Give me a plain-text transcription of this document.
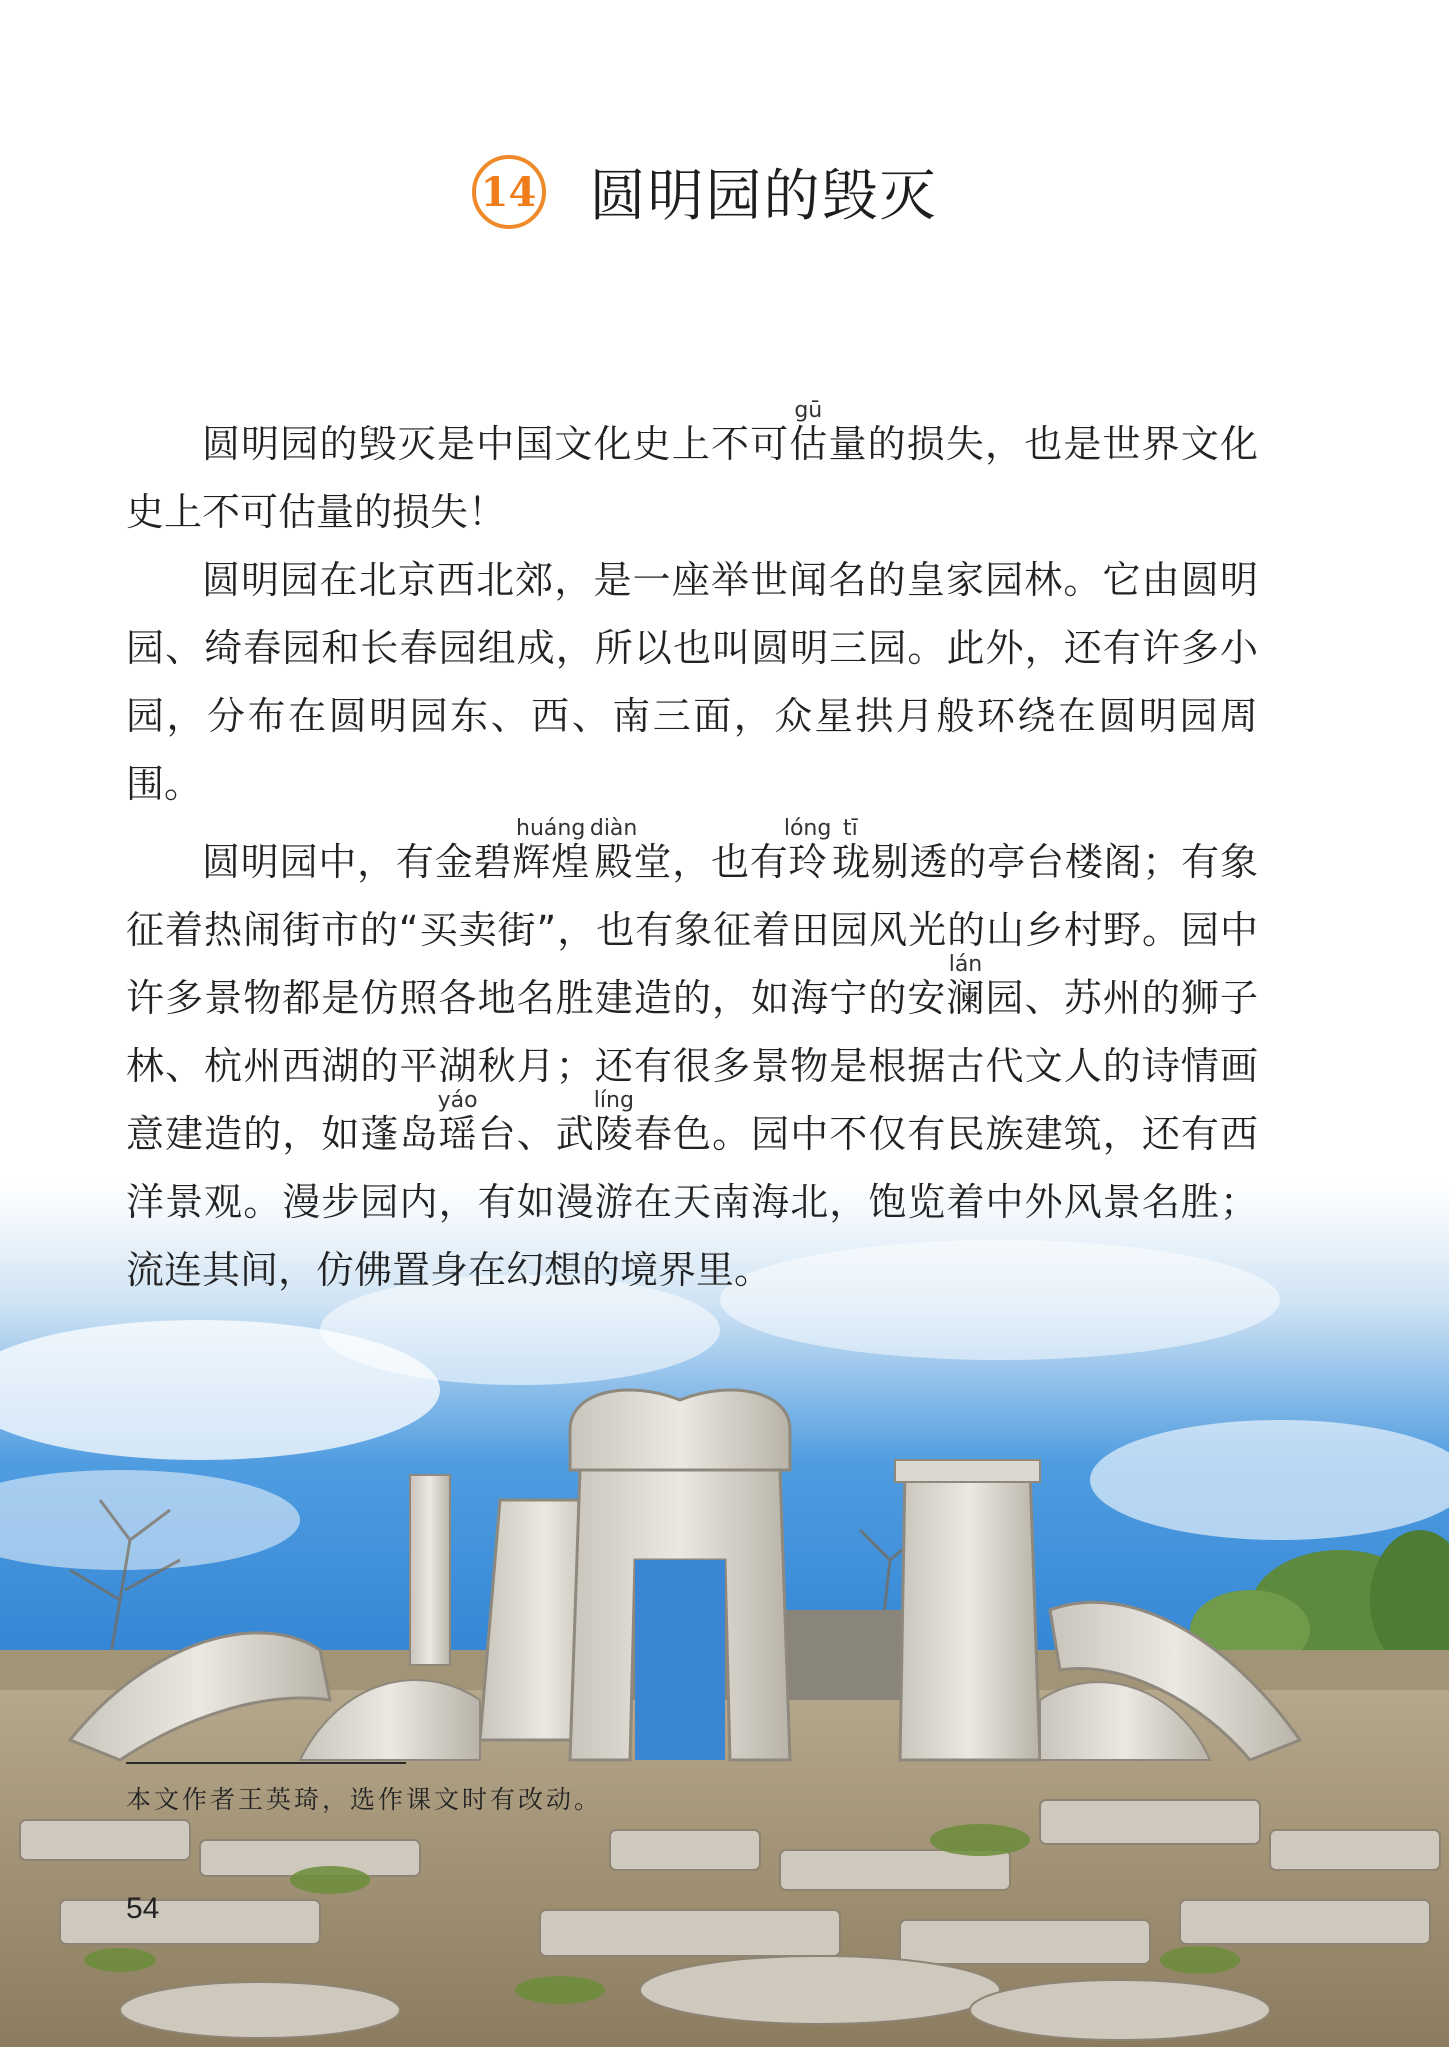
14 圆明园的毁灭

圆明园的毁灭是中国文化史上不可估gū量的损失，也是世界文化史上不可估量的损失！

圆明园在北京西北郊，是一座举世闻名的皇家园林。它由圆明园、绮春园和长春园组成，所以也叫圆明三园。此外，还有许多小园，分布在圆明园东、西、南三面，众星拱月般环绕在圆明园周围。

圆明园中，有金碧辉煌huáng殿diàn堂，也有玲lóng珑tī剔透的亭台楼阁；有象征着热闹街市的“买卖街”，也有象征着田园风光的山乡村野。园中许多景物都是仿照各地名胜建造的，如海宁的安澜lán园、苏州的狮子林、杭州西湖的平湖秋月；还有很多景物是根据古代文人的诗情画意建造的，如蓬岛瑶yáo台、武陵líng春色。园中不仅有民族建筑，还有西洋景观。漫步园内，有如漫游在天南海北，饱览着中外风景名胜；流连其间，仿佛置身在幻想的境界里。

本文作者王英琦，选作课文时有改动。
54
